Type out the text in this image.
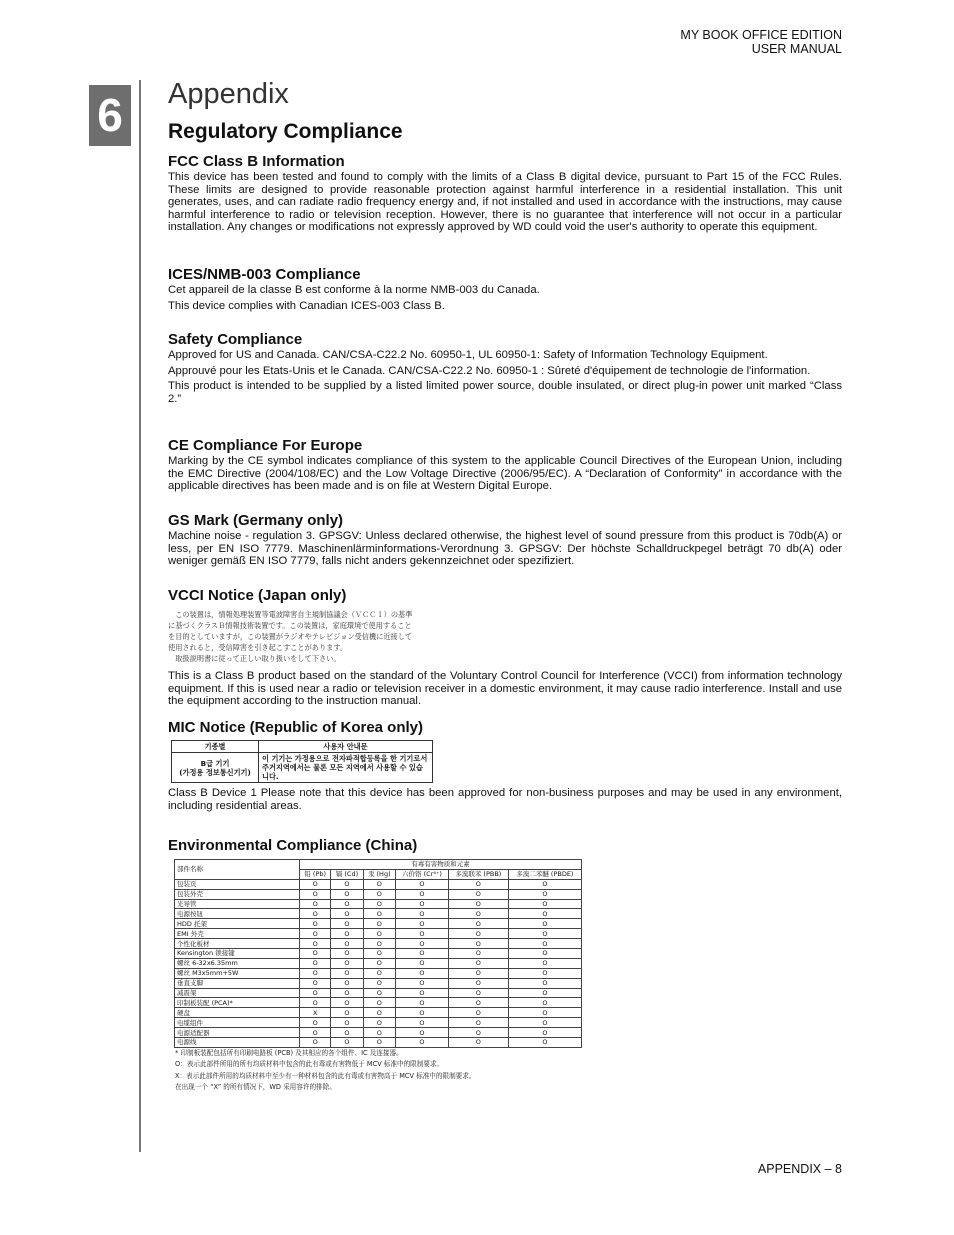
MY BOOK OFFICE EDITION
USER MANUAL
6 Appendix
Regulatory Compliance
FCC Class B Information

This device has been tested and found to comply with the limits of a Class B digital device, pursuant to Part 15 of the FCC Rules. These limits are designed to provide reasonable protection against harmful interference in a residential installation. This unit generates, uses, and can radiate radio frequency energy and, if not installed and used in accordance with the instructions, may cause harmful interference to radio or television reception. However, there is no guarantee that interference will not occur in a particular installation. Any changes or modifications not expressly approved by WD could void the user's authority to operate this equipment.

ICES/NMB-003 Compliance

Cet appareil de la classe B est conforme à la norme NMB-003 du Canada.

This device complies with Canadian ICES-003 Class B.

Safety Compliance

Approved for US and Canada. CAN/CSA-C22.2 No. 60950-1, UL 60950-1: Safety of Information Technology Equipment.

Approuvé pour les Etats-Unis et le Canada. CAN/CSA-C22.2 No. 60950-1 : Sûreté d'équipement de technologie de l'information.

This product is intended to be supplied by a listed limited power source, double insulated, or direct plug-in power unit marked “Class 2.”

CE Compliance For Europe

Marking by the CE symbol indicates compliance of this system to the applicable Council Directives of the European Union, including the EMC Directive (2004/108/EC) and the Low Voltage Directive (2006/95/EC). A “Declaration of Conformity” in accordance with the applicable directives has been made and is on file at Western Digital Europe.

GS Mark (Germany only)

Machine noise - regulation 3. GPSGV: Unless declared otherwise, the highest level of sound pressure from this product is 70db(A) or less, per EN ISO 7779. Maschinenlärminformations-Verordnung 3. GPSGV: Der höchste Schalldruckpegel beträgt 70 db(A) oder weniger gemäß EN ISO 7779, falls nicht anders gekennzeichnet oder spezifiziert.

VCCI Notice (Japan only)
　この装置は，情報処理装置等電波障害自主規制協議会（ＶＣＣＩ）の基準
に基づくクラスＢ情報技術装置です。この装置は，家庭環境で使用すること
を目的としていますが，この装置がラジオやテレビジョン受信機に近接して
使用されると，受信障害を引き起こすことがあります。
　取扱説明書に従って正しい取り扱いをして下さい。

This is a Class B product based on the standard of the Voluntary Control Council for Interference (VCCI) from information technology equipment. If this is used near a radio or television receiver in a domestic environment, it may cause radio interference. Install and use the equipment according to the instruction manual.

MIC Notice (Republic of Korea only)
기종별	사용자 안내문
B급 기기
(가정용 정보통신기기)	이 기기는 가정용으로 전자파적합등록을 한 기기로서 주거지역에서는 물론 모든 지역에서 사용할 수 있습니다.

Class B Device 1 Please note that this device has been approved for non-business purposes and may be used in any environment, including residential areas.

Environmental Compliance (China)
部件名称	有毒有害物质和元素					
	铅 (Pb)	镉 (Cd)	汞 (Hg)	六价铬 (Cr⁶⁺)	多溴联苯 (PBB)	多溴二苯醚 (PBDE)
包装页	O	O	O	O	O	O
包装外壳	O	O	O	O	O	O
光导管	O	O	O	O	O	O
电源按钮	O	O	O	O	O	O
HDD 托架	O	O	O	O	O	O
EMI 外壳	O	O	O	O	O	O
个性化板材	O	O	O	O	O	O
Kensington 锁接键	O	O	O	O	O	O
螺丝 6-32x6.35mm	O	O	O	O	O	O
螺丝 M3x5mm+5W	O	O	O	O	O	O
垂直支脚	O	O	O	O	O	O
减震架	O	O	O	O	O	O
印制板装配 (PCA)*	O	O	O	O	O	O
硬盘	X	O	O	O	O	O
电缆组件	O	O	O	O	O	O
电源适配器	O	O	O	O	O	O
电源线	O	O	O	O	O	O
* 印制板装配包括所有印刷电路板 (PCB) 及其相应的各个组件、IC 及连接器。
O：表示此部件所用的所有均质材料中包含的此有毒或有害物低于 MCV 标准中的限制要求。
X：表示此部件所用的均质材料中至少有一种材料包含的此有毒或有害物高于 MCV 标准中的限制要求。
在出现一个 “X” 的所有情况下，WD 采用容许的排除。
APPENDIX – 8
